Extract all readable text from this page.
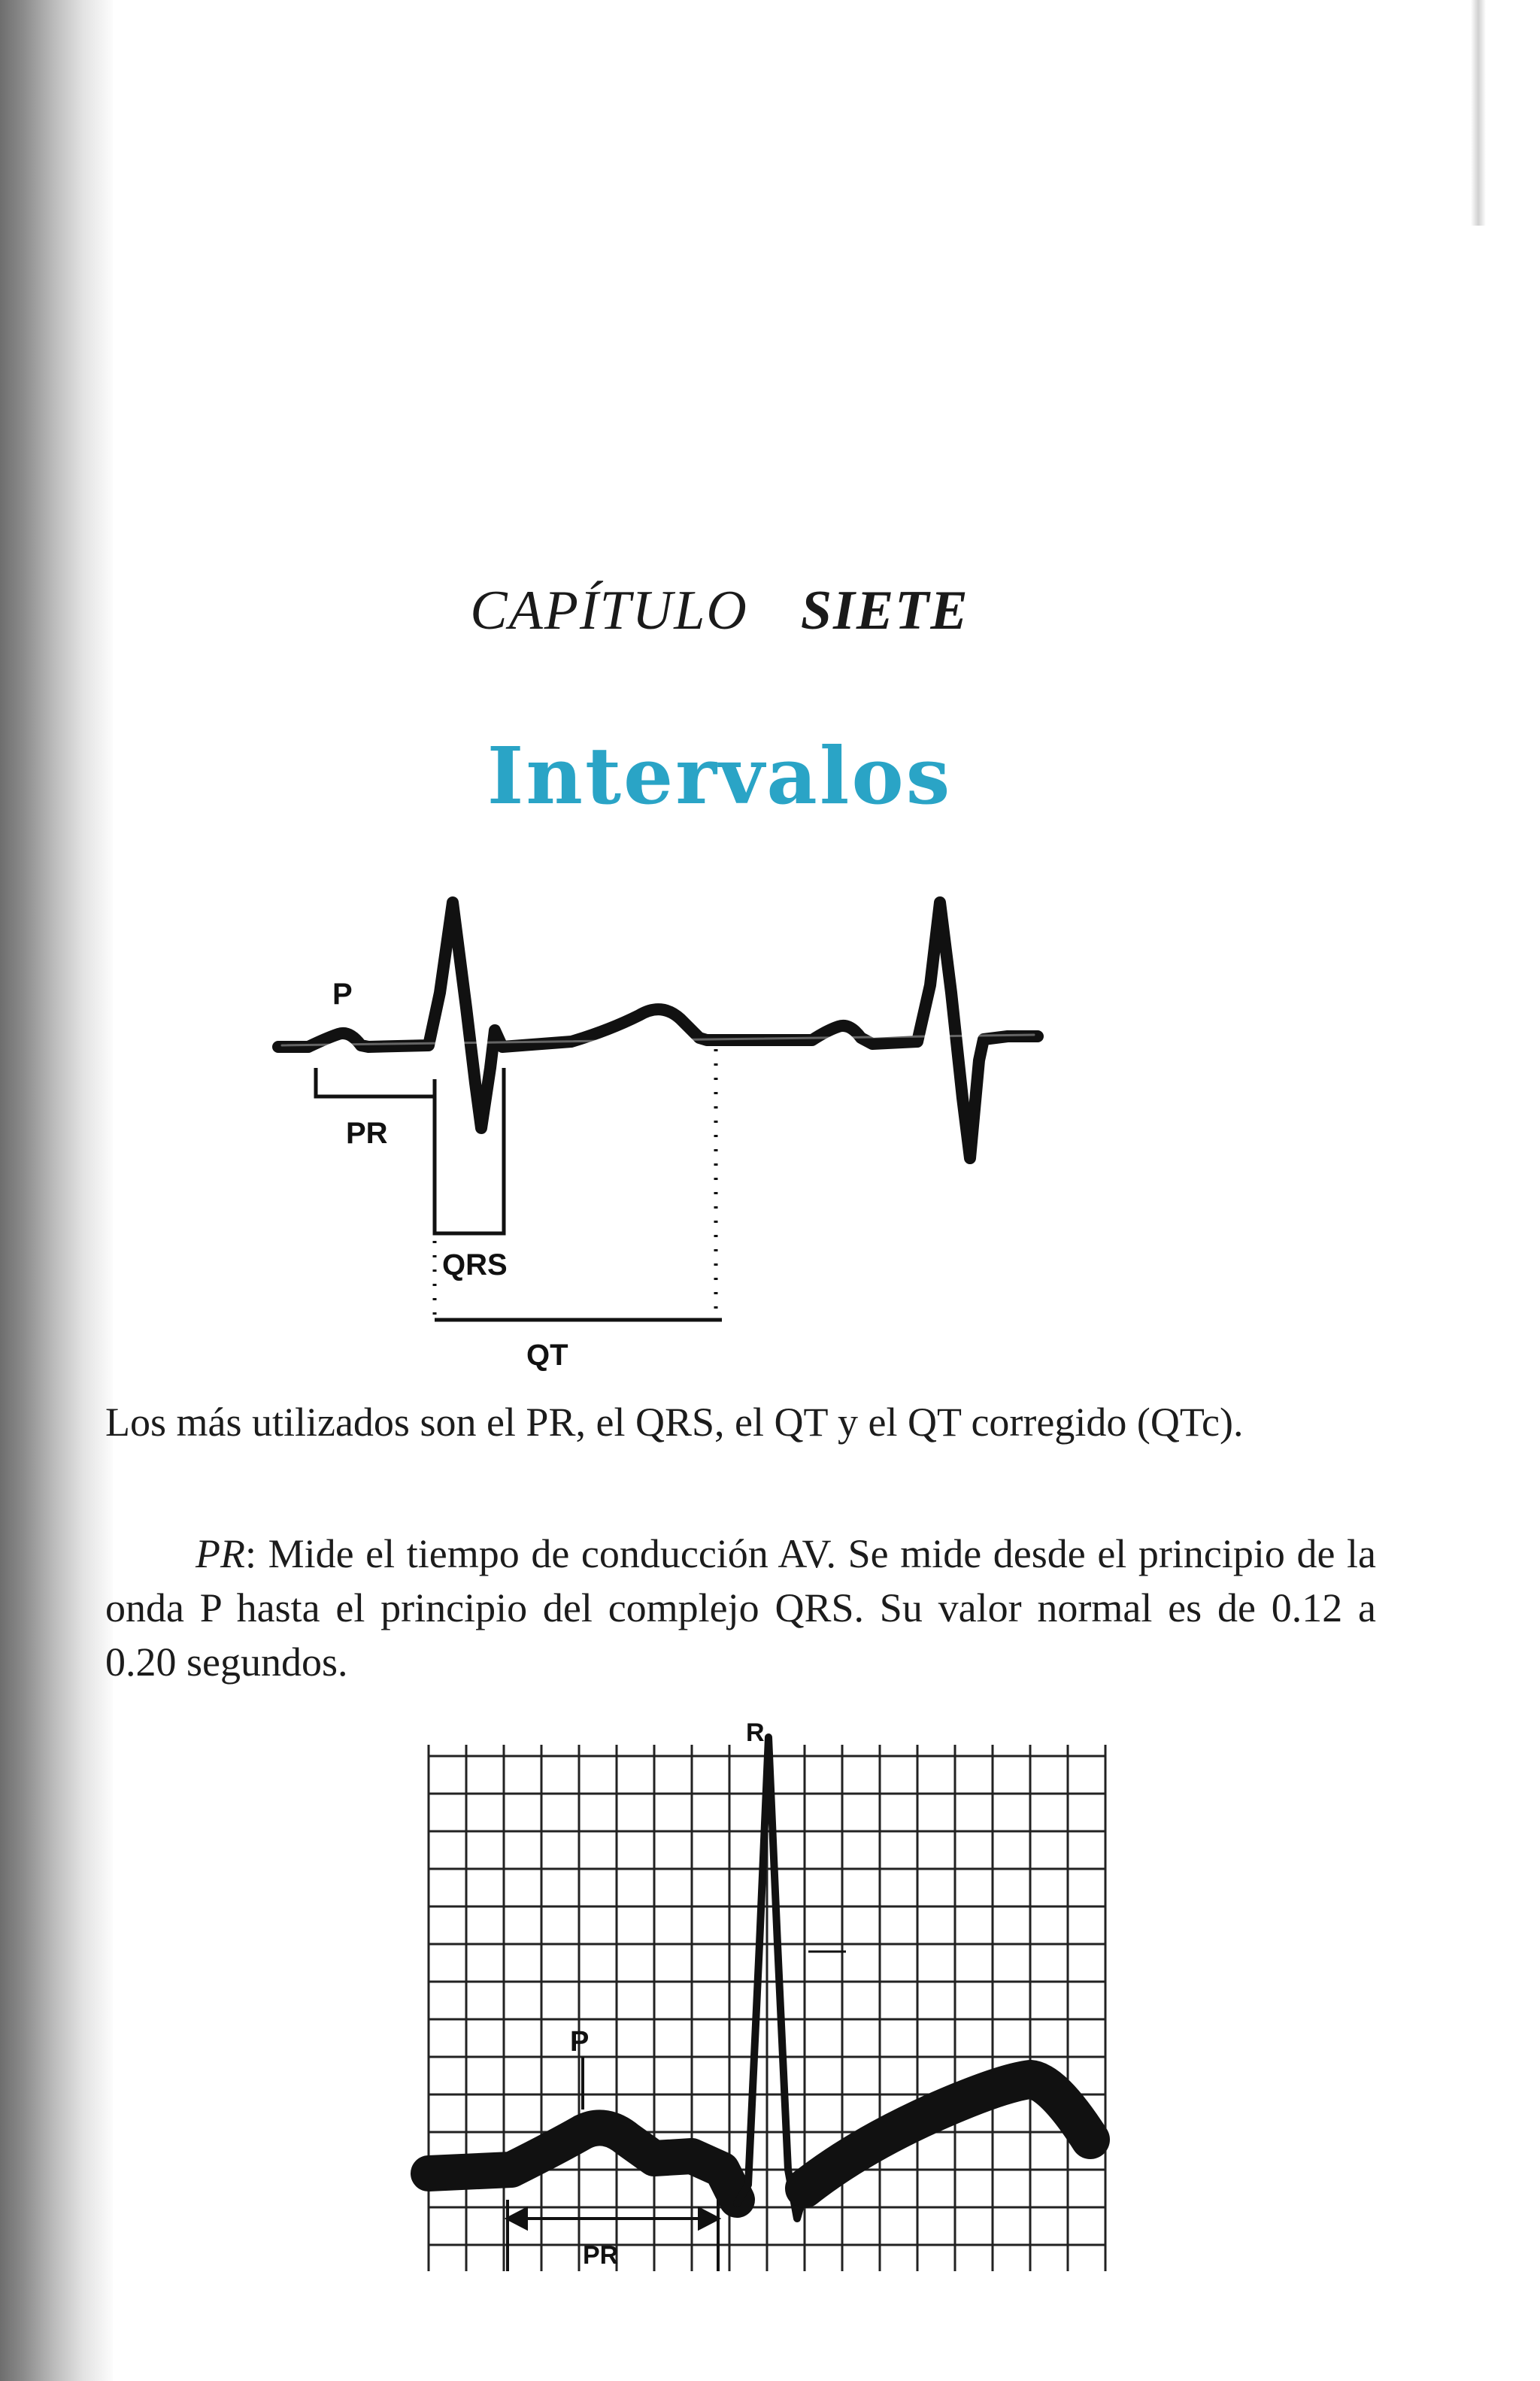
CAPÍTULO SIETE
Intervalos
P
PR
QRS
QT
Los más utilizados son el PR, el QRS, el QT y el QT corregido (QTc).
PR: Mide el tiempo de conducción AV. Se mide desde el principio de la onda P hasta el principio del complejo QRS. Su valor normal es de 0.12 a 0.20 segundos.
R
P
PR
